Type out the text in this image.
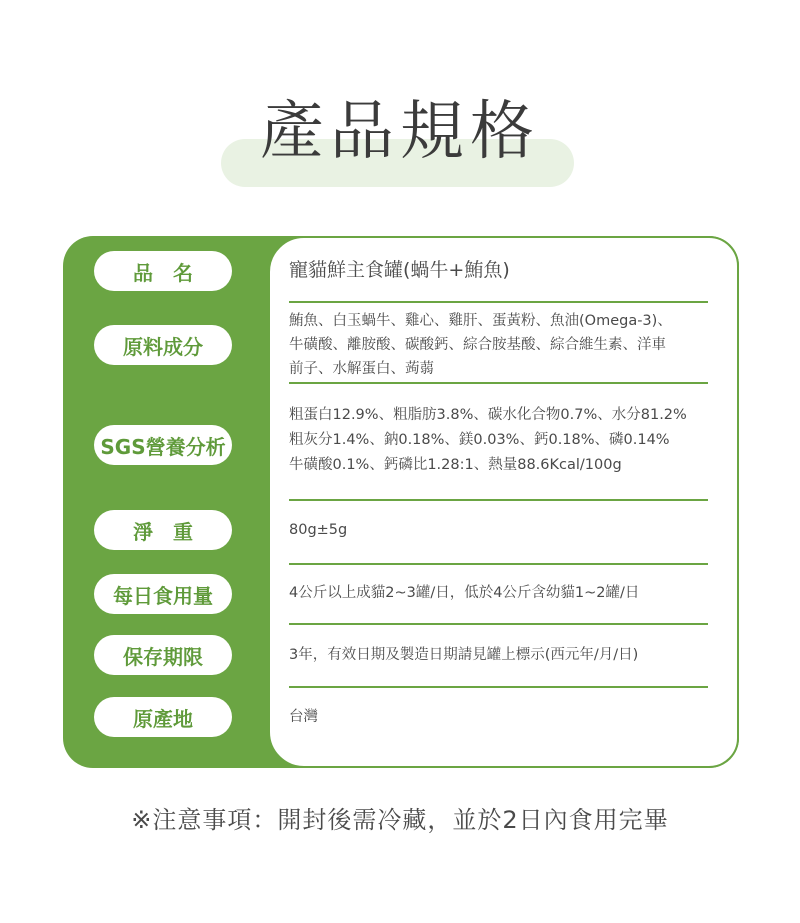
產品規格
品　名
原料成分
SGS營養分析
淨　重
每日食用量
保存期限
原產地
寵貓鮮主食罐(蝸牛+鮪魚)
鮪魚、白玉蝸牛、雞心、雞肝、蛋黃粉、魚油(Omega-3)、
牛磺酸、離胺酸、碳酸鈣、綜合胺基酸、綜合維生素、洋車
前子、水解蛋白、蒟蒻
粗蛋白12.9%、粗脂肪3.8%、碳水化合物0.7%、水分81.2%
粗灰分1.4%、鈉0.18%、鎂0.03%、鈣0.18%、磷0.14%
牛磺酸0.1%、鈣磷比1.28:1、熱量88.6Kcal/100g
80g±5g
4公斤以上成貓2~3罐/日，低於4公斤含幼貓1~2罐/日
3年，有效日期及製造日期請見罐上標示(西元年/月/日)
台灣
※注意事項：開封後需冷藏，並於2日內食用完畢
